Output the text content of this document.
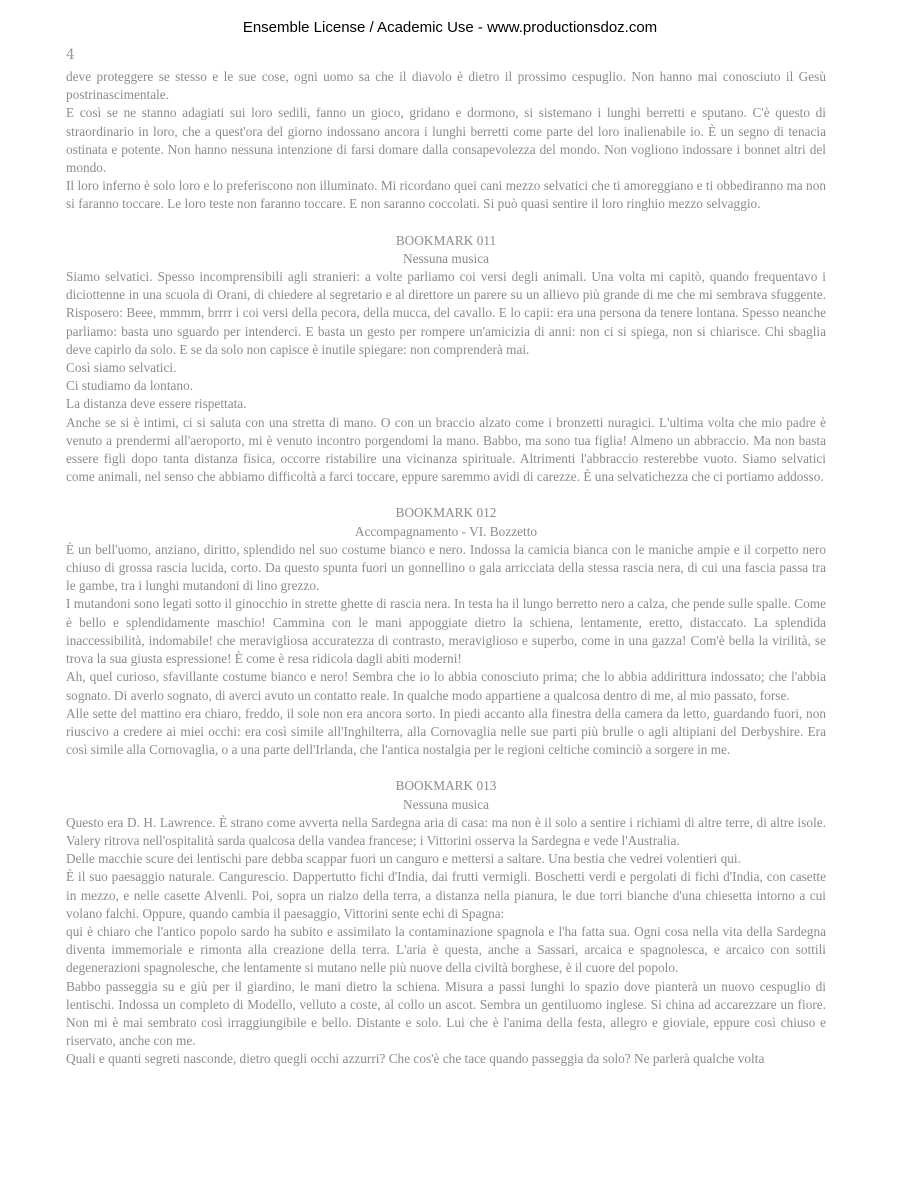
Ensemble License / Academic Use - www.productionsdoz.com
4

deve proteggere se stesso e le sue cose, ogni uomo sa che il diavolo è dietro il prossimo cespuglio. Non hanno mai conosciuto il Gesù postrinascimentale.

E così se ne stanno adagiati sui loro sedili, fanno un gioco, gridano e dormono, si sistemano i lunghi berretti e sputano. C'è questo di straordinario in loro, che a quest'ora del giorno indossano ancora i lunghi berretti come parte del loro inalienabile io. È un segno di tenacia ostinata e potente. Non hanno nessuna intenzione di farsi domare dalla consapevolezza del mondo. Non vogliono indossare i bonnet altri del mondo.

Il loro inferno è solo loro e lo preferiscono non illuminato. Mi ricordano quei cani mezzo selvatici che ti amoreggiano e ti obbediranno ma non si faranno toccare. Le loro teste non faranno toccare. E non saranno coccolati. Si può quasi sentire il loro ringhio mezzo selvaggio.

BOOKMARK 011

Nessuna musica

Siamo selvatici. Spesso incomprensibili agli stranieri: a volte parliamo coi versi degli animali. Una volta mi capitò, quando frequentavo i diciottenne in una scuola di Orani, di chiedere al segretario e al direttore un parere su un allievo più grande di me che mi sembrava sfuggente. Risposero: Beee, mmmm, brrrr i coi versi della pecora, della mucca, del cavallo. E lo capii: era una persona da tenere lontana. Spesso neanche parliamo: basta uno sguardo per intenderci. E basta un gesto per rompere un'amicizia di anni: non ci si spiega, non si chiarisce. Chi sbaglia deve capirlo da solo. E se da solo non capisce è inutile spiegare: non comprenderà mai.

Così siamo selvatici.

Ci studiamo da lontano.

La distanza deve essere rispettata.

Anche se si è intimi, ci si saluta con una stretta di mano. O con un braccio alzato come i bronzetti nuragici. L'ultima volta che mio padre è venuto a prendermi all'aeroporto, mi è venuto incontro porgendomi la mano. Babbo, ma sono tua figlia! Almeno un abbraccio. Ma non basta essere figli dopo tanta distanza fisica, occorre ristabilire una vicinanza spirituale. Altrimenti l'abbraccio resterebbe vuoto. Siamo selvatici come animali, nel senso che abbiamo difficoltà a farci toccare, eppure saremmo avidi di carezze. È una selvatichezza che ci portiamo addosso.

BOOKMARK 012

Accompagnamento - VI. Bozzetto

È un bell'uomo, anziano, diritto, splendido nel suo costume bianco e nero. Indossa la camicia bianca con le maniche ampie e il corpetto nero chiuso di grossa rascia lucida, corto. Da questo spunta fuori un gonnellino o gala arricciata della stessa rascia nera, di cui una fascia passa tra le gambe, tra i lunghi mutandoni di lino grezzo.

I mutandoni sono legati sotto il ginocchio in strette ghette di rascia nera. In testa ha il lungo berretto nero a calza, che pende sulle spalle. Come è bello e splendidamente maschio! Cammina con le mani appoggiate dietro la schiena, lentamente, eretto, distaccato. La splendida inaccessibilità, indomabile! che meravigliosa accuratezza di contrasto, meraviglioso e superbo, come in una gazza! Com'è bella la virilità, se trova la sua giusta espressione! È come è resa ridicola dagli abiti moderni!

Ah, quel curioso, sfavillante costume bianco e nero! Sembra che io lo abbia conosciuto prima; che lo abbia addirittura indossato; che l'abbia sognato. Di averlo sognato, di averci avuto un contatto reale. In qualche modo appartiene a qualcosa dentro di me, al mio passato, forse.

Alle sette del mattino era chiaro, freddo, il sole non era ancora sorto. In piedi accanto alla finestra della camera da letto, guardando fuori, non riuscivo a credere ai miei occhi: era così simile all'Inghilterra, alla Cornovaglia nelle sue parti più brulle o agli altipiani del Derbyshire. Era così simile alla Cornovaglia, o a una parte dell'Irlanda, che l'antica nostalgia per le regioni celtiche cominciò a sorgere in me.

BOOKMARK 013

Nessuna musica

Questo era D. H. Lawrence. È strano come avverta nella Sardegna aria di casa: ma non è il solo a sentire i richiami di altre terre, di altre isole. Valery ritrova nell'ospitalità sarda qualcosa della vandea francese; i Vittorini osserva la Sardegna e vede l'Australia.

Delle macchie scure dei lentischi pare debba scappar fuori un canguro e mettersi a saltare. Una bestia che vedrei volentieri qui.

È il suo paesaggio naturale. Cangurescio. Dappertutto fichi d'India, dai frutti vermigli. Boschetti verdi e pergolati di fichi d'India, con casette in mezzo, e nelle casette Alvenli. Poi, sopra un rialzo della terra, a distanza nella pianura, le due torri bianche d'una chiesetta intorno a cui volano falchi. Oppure, quando cambia il paesaggio, Vittorini sente echi di Spagna:

qui è chiaro che l'antico popolo sardo ha subito e assimilato la contaminazione spagnola e l'ha fatta sua. Ogni cosa nella vita della Sardegna diventa immemoriale e rimonta alla creazione della terra. L'aria è questa, anche a Sassari, arcaica e spagnolesca, e arcaico con sottili degenerazioni spagnolesche, che lentamente si mutano nelle più nuove della civiltà borghese, è il cuore del popolo.

Babbo passeggia su e giù per il giardino, le mani dietro la schiena. Misura a passi lunghi lo spazio dove pianterà un nuovo cespuglio di lentischi. Indossa un completo di Modello, velluto a coste, al collo un ascot. Sembra un gentiluomo inglese. Si china ad accarezzare un fiore. Non mi è mai sembrato così irraggiungibile e bello. Distante e solo. Lui che è l'anima della festa, allegro e gioviale, eppure così chiuso e riservato, anche con me.

Quali e quanti segreti nasconde, dietro quegli occhi azzurri? Che cos'è che tace quando passeggia da solo? Ne parlerà qualche volta
